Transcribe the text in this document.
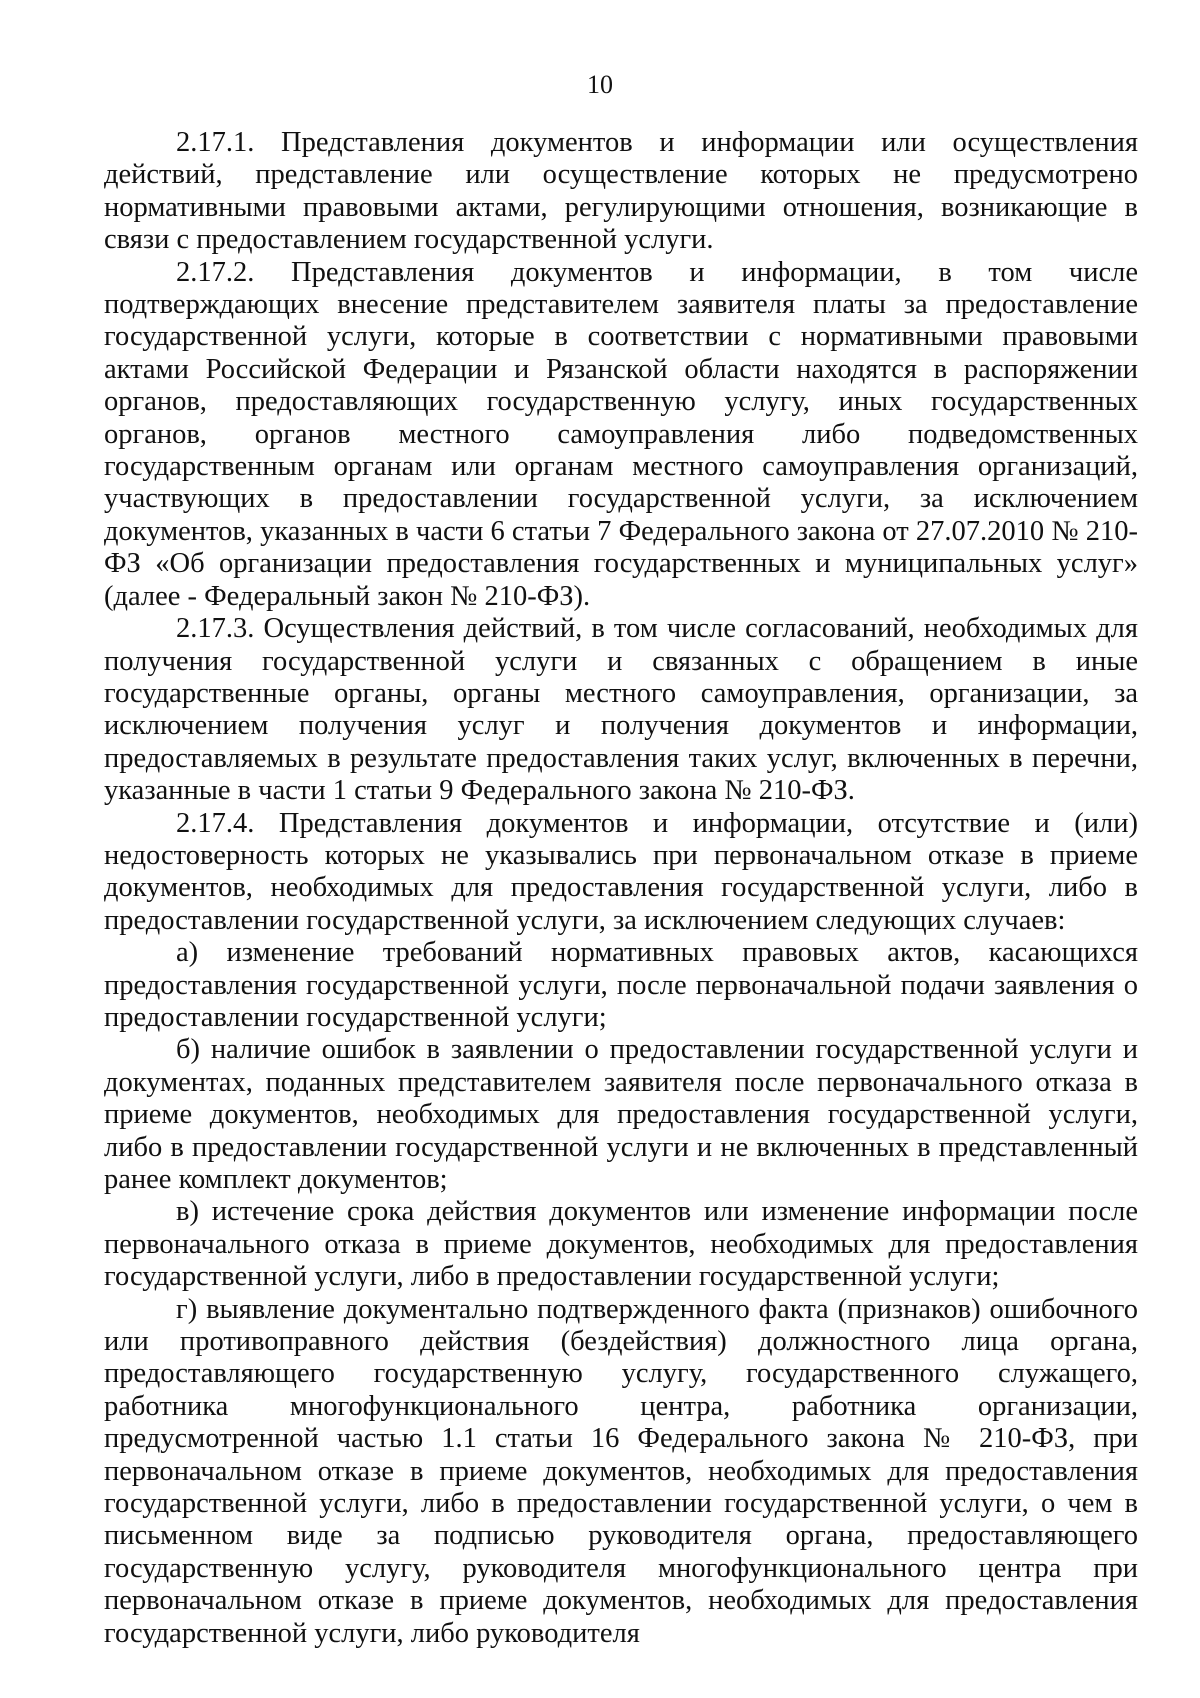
10

2.17.1. Представления документов и информации или осуществления действий, представление или осуществление которых не предусмотрено нормативными правовыми актами, регулирующими отношения, возникающие в связи с предоставлением государственной услуги.

2.17.2. Представления документов и информации, в том числе подтверждающих внесение представителем заявителя платы за предоставление государственной услуги, которые в соответствии с нормативными правовыми актами Российской Федерации и Рязанской области находятся в распоряжении органов, предоставляющих государственную услугу, иных государственных органов, органов местного самоуправления либо подведомственных государственным органам или органам местного самоуправления организаций, участвующих в предоставлении государственной услуги, за исключением документов, указанных в части 6 статьи 7 Федерального закона от 27.07.2010 № 210-ФЗ «Об организации предоставления государственных и муниципальных услуг» (далее - Федеральный закон № 210-ФЗ).

2.17.3. Осуществления действий, в том числе согласований, необходимых для получения государственной услуги и связанных с обращением в иные государственные органы, органы местного самоуправления, организации, за исключением получения услуг и получения документов и информации, предоставляемых в результате предоставления таких услуг, включенных в перечни, указанные в части 1 статьи 9 Федерального закона № 210-ФЗ.

2.17.4. Представления документов и информации, отсутствие и (или) недостоверность которых не указывались при первоначальном отказе в приеме документов, необходимых для предоставления государственной услуги, либо в предоставлении государственной услуги, за исключением следующих случаев:

а) изменение требований нормативных правовых актов, касающихся предоставления государственной услуги, после первоначальной подачи заявления о предоставлении государственной услуги;

б) наличие ошибок в заявлении о предоставлении государственной услуги и документах, поданных представителем заявителя после первоначального отказа в приеме документов, необходимых для предоставления государственной услуги, либо в предоставлении государственной услуги и не включенных в представленный ранее комплект документов;

в) истечение срока действия документов или изменение информации после первоначального отказа в приеме документов, необходимых для предоставления государственной услуги, либо в предоставлении государственной услуги;

г) выявление документально подтвержденного факта (признаков) ошибочного или противоправного действия (бездействия) должностного лица органа, предоставляющего государственную услугу, государственного служащего, работника многофункционального центра, работника организации, предусмотренной частью 1.1 статьи 16 Федерального закона № 210-ФЗ, при первоначальном отказе в приеме документов, необходимых для предоставления государственной услуги, либо в предоставлении государственной услуги, о чем в письменном виде за подписью руководителя органа, предоставляющего государственную услугу, руководителя многофункционального центра при первоначальном отказе в приеме документов, необходимых для предоставления государственной услуги, либо руководителя
